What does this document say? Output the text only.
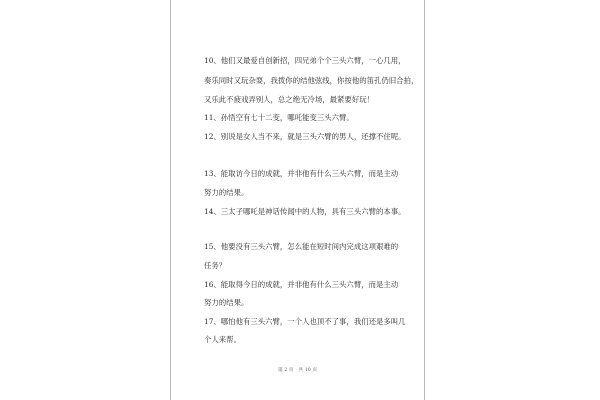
10、他们又最爱自创新招，四兄弟个个三头六臂，一心几用，

奏乐同时又玩杂耍，我拨你的结他弦线，你按他的笛孔仍旧合拍，

又乐此不疲戏弄别人，总之绝无冷场，最紧要好玩！

11、孙悟空有七十二变，哪吒能变三头六臂。

12、别说是女人当不来，就是三头六臂的男人，还撑不住呢。

13、能取访今日的成就，并非他有什么三头六臂，而是主动

努力的结果。

14、三太子哪吒是神话传闻中的人物，具有三头六臂的本事。

15、他要没有三头六臂，怎么能在短时间内完成这项艰难的

任务？

16、能取得今日的成就，并非他有什么三头六臂，而是主动

努力的结果。

17、哪怕他有三头六臂，一个人也顶不了事，我们还是多叫几

个人来帮。

第 2 页　共 10 页
